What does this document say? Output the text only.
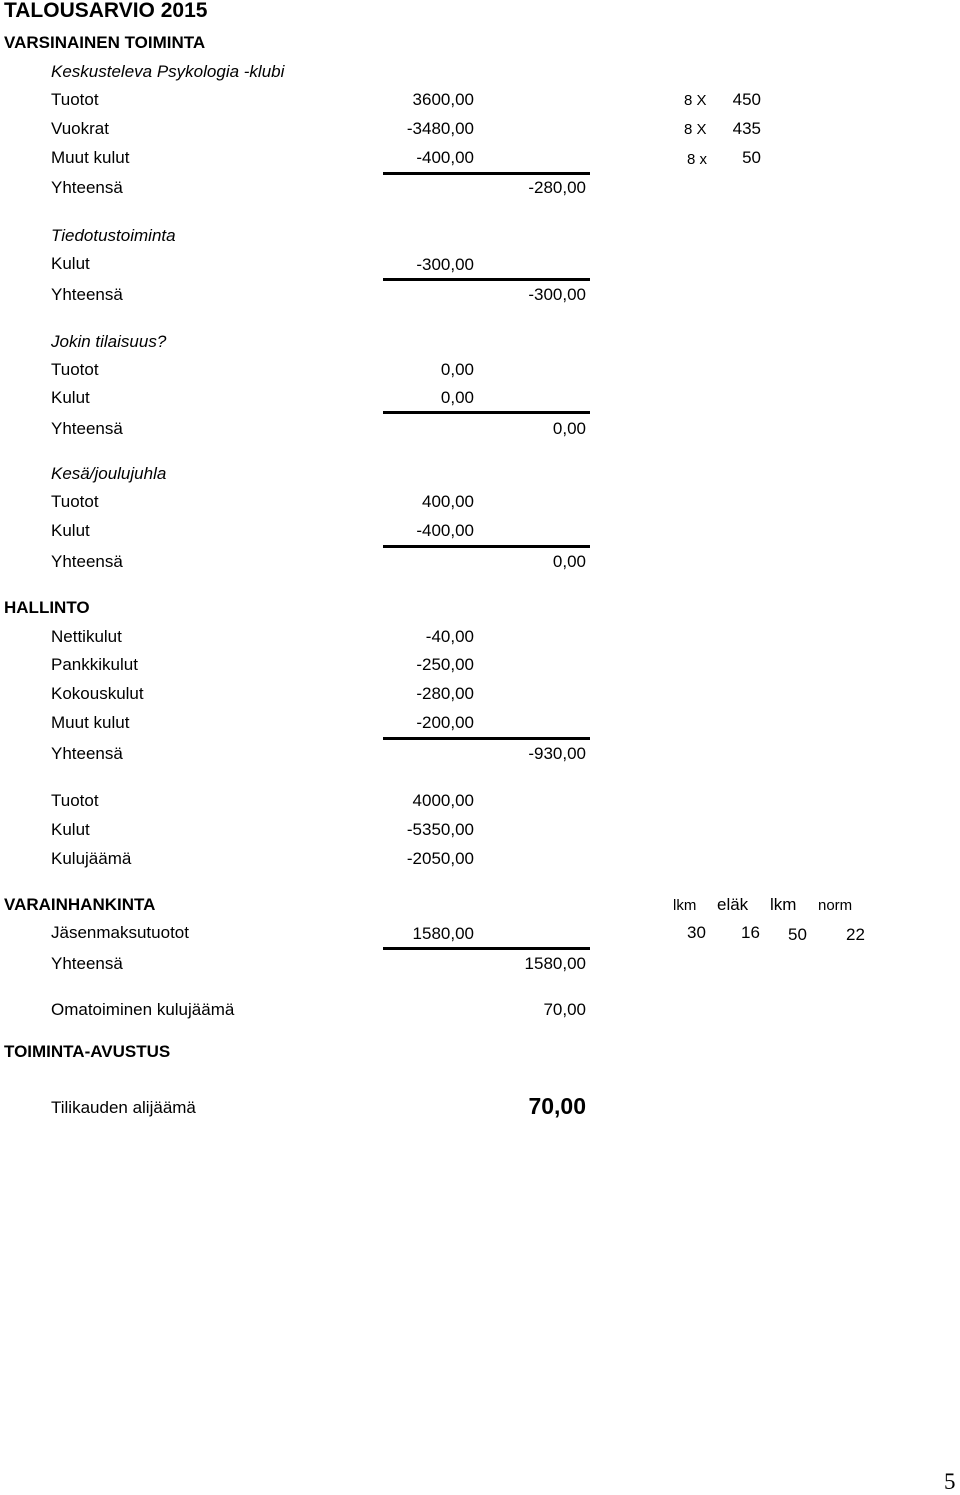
TALOUSARVIO 2015
VARSINAINEN TOIMINTA
Keskusteleva Psykologia -klubi
Tuotot	3600,00	8 X	450
Vuokrat	-3480,00	8 X	435
Muut kulut	-400,00	8 x	50
Yhteensä	-280,00
Tiedotustoiminta
Kulut	-300,00
Yhteensä	-300,00
Jokin tilaisuus?
Tuotot	0,00
Kulut	0,00
Yhteensä	0,00
Kesä/joulujuhla
Tuotot	400,00
Kulut	-400,00
Yhteensä	0,00
HALLINTO
Nettikulut	-40,00
Pankkikulut	-250,00
Kokouskulut	-280,00
Muut kulut	-200,00
Yhteensä	-930,00
Tuotot	4000,00
Kulut	-5350,00
Kulujäämä	-2050,00
VARAINHANKINTA	lkm eläk lkm norm
Jäsenmaksutuotot	1580,00	30 16 50 22
Yhteensä	1580,00
Omatoiminen kulujäämä	70,00
TOIMINTA-AVUSTUS
Tilikauden alijäämä	70,00
5
